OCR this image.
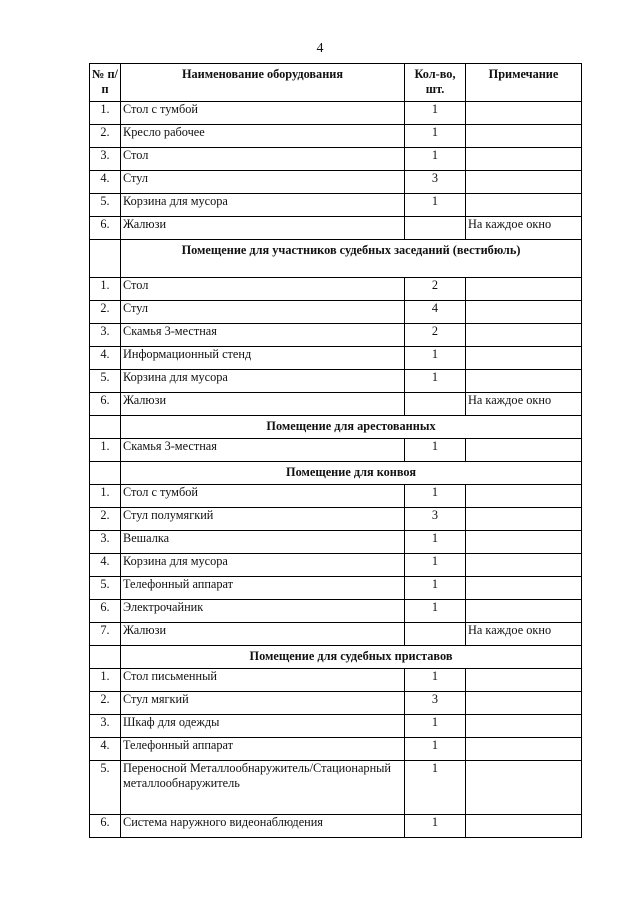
4
№ п/п	Наименование оборудования	Кол-во, шт.	Примечание
1.	Стол с тумбой	1	
2.	Кресло рабочее	1	
3.	Стол	1	
4.	Стул	3	
5.	Корзина для мусора	1	
6.	Жалюзи		На каждое окно
	Помещение для участников судебных заседаний (вестибюль)		
1.	Стол	2	
2.	Стул	4	
3.	Скамья 3-местная	2	
4.	Информационный стенд	1	
5.	Корзина для мусора	1	
6.	Жалюзи		На каждое окно
	Помещение для арестованных		
1.	Скамья 3-местная	1	
	Помещение для конвоя		
1.	Стол с тумбой	1	
2.	Стул полумягкий	3	
3.	Вешалка	1	
4.	Корзина для мусора	1	
5.	Телефонный аппарат	1	
6.	Электрочайник	1	
7.	Жалюзи		На каждое окно
	Помещение для судебных приставов		
1.	Стол письменный	1	
2.	Стул мягкий	3	
3.	Шкаф для одежды	1	
4.	Телефонный аппарат	1	
5.	Переносной Металлообнаружитель/Стационарный металлообнаружитель	1	
6.	Система наружного видеонаблюдения	1	
